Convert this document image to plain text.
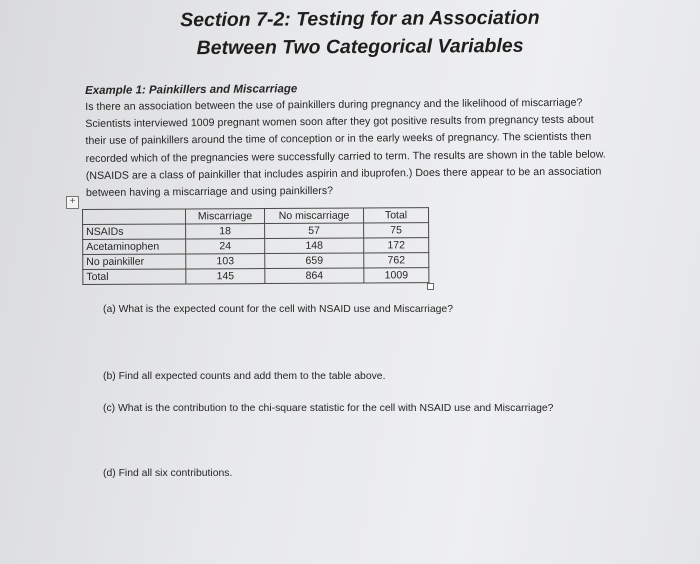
Section 7-2: Testing for an Association
Between Two Categorical Variables
Example 1: Painkillers and Miscarriage
Is there an association between the use of painkillers during pregnancy and the likelihood of miscarriage?
Scientists interviewed 1009 pregnant women soon after they got positive results from pregnancy tests about
their use of painkillers around the time of conception or in the early weeks of pregnancy. The scientists then
recorded which of the pregnancies were successfully carried to term. The results are shown in the table below.
(NSAIDS are a class of painkiller that includes aspirin and ibuprofen.) Does there appear to be an association
between having a miscarriage and using painkillers?
+
	Miscarriage	No miscarriage	Total
NSAIDs	18	57	75
Acetaminophen	24	148	172
No painkiller	103	659	762
Total	145	864	1009
(a) What is the expected count for the cell with NSAID use and Miscarriage?
(b) Find all expected counts and add them to the table above.
(c) What is the contribution to the chi-square statistic for the cell with NSAID use and Miscarriage?
(d) Find all six contributions.
